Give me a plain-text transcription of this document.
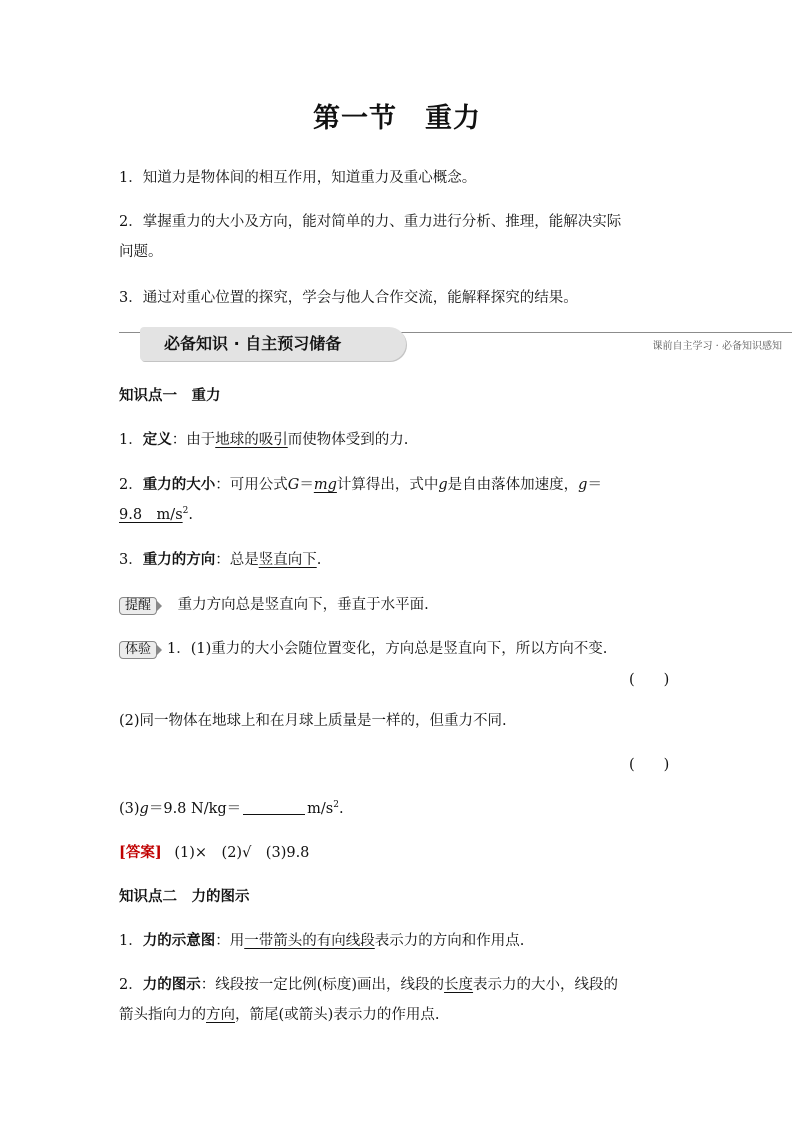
第一节　重力
1．知道力是物体间的相互作用，知道重力及重心概念。
2．掌握重力的大小及方向，能对简单的力、重力进行分析、推理，能解决实际
问题。
3．通过对重心位置的探究，学会与他人合作交流，能解释探究的结果。
必备知识 · 自主预习储备	课前自主学习 · 必备知识感知
知识点一　重力
1．定义：由于地球的吸引而使物体受到的力.
2．重力的大小：可用公式G＝mg计算得出，式中g是自由落体加速度，g＝
9.8　$m/s^2$.
3．重力的方向：总是竖直向下.
提醒 重力方向总是竖直向下，垂直于水平面.
体验 1．(1)重力的大小会随位置变化，方向总是竖直向下，所以方向不变.
(　　)
(2)同一物体在地球上和在月球上质量是一样的，但重力不同.
(　　)
(3)g＝9.8 N/kg＝	$m/s^2$.
[答案] (1)×　(2)√　(3)9.8
知识点二　力的图示
1．力的示意图：用一带箭头的有向线段表示力的方向和作用点.
2．力的图示：线段按一定比例(标度)画出，线段的长度表示力的大小，线段的
箭头指向力的方向，箭尾(或箭头)表示力的作用点.
